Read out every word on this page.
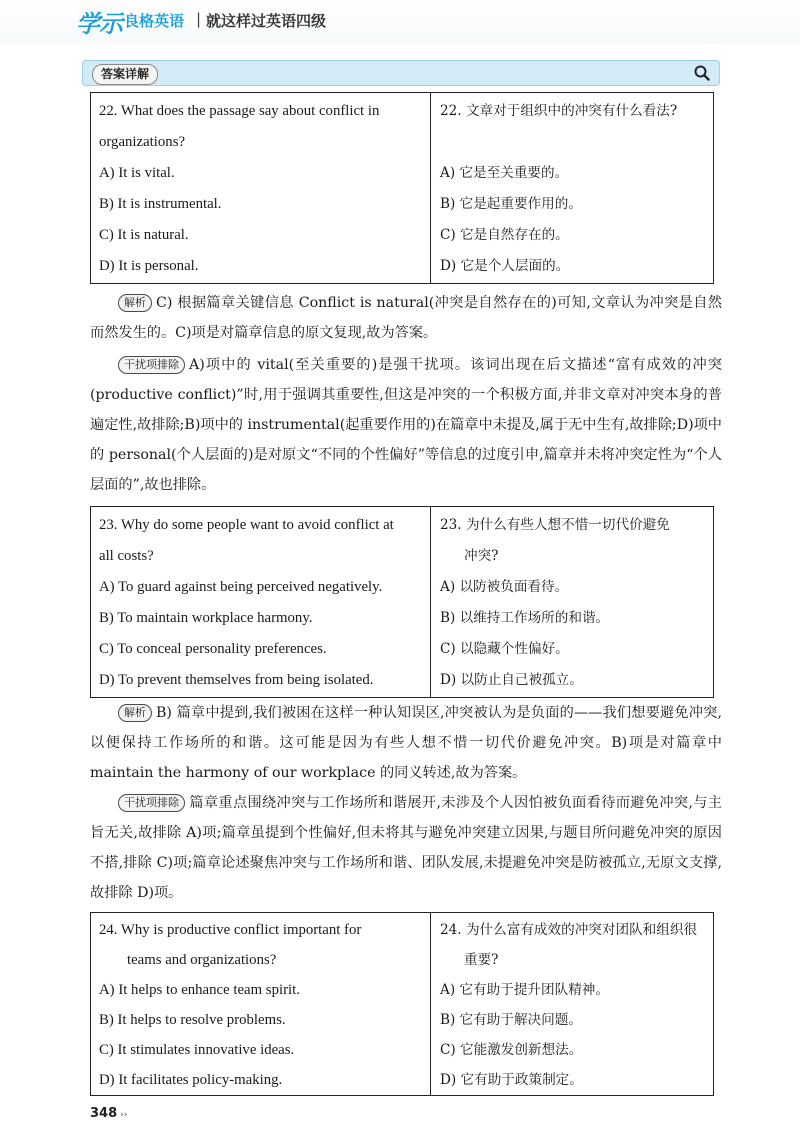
学示 良格英语 | 就这样过英语四级
答案详解
22. What does the passage say about conflict in
organizations?
A) It is vital.
B) It is instrumental.
C) It is natural.
D) It is personal.
22. 文章对于组织中的冲突有什么看法?
A) 它是至关重要的。
B) 它是起重要作用的。
C) 它是自然存在的。
D) 它是个人层面的。
解析 C) 根据篇章关键信息 Conflict is natural(冲突是自然存在的)可知,文章认为冲突是自然而然发生的。C)项是对篇章信息的原文复现,故为答案。
干扰项排除 A)项中的 vital(至关重要的)是强干扰项。该词出现在后文描述“富有成效的冲突(productive conflict)”时,用于强调其重要性,但这是冲突的一个积极方面,并非文章对冲突本身的普遍定性,故排除;B)项中的 instrumental(起重要作用的)在篇章中未提及,属于无中生有,故排除;D)项中的 personal(个人层面的)是对原文“不同的个性偏好”等信息的过度引申,篇章并未将冲突定性为“个人层面的”,故也排除。
23. Why do some people want to avoid conflict at
all costs?
A) To guard against being perceived negatively.
B) To maintain workplace harmony.
C) To conceal personality preferences.
D) To prevent themselves from being isolated.
23. 为什么有些人想不惜一切代价避免
冲突?
A) 以防被负面看待。
B) 以维持工作场所的和谐。
C) 以隐藏个性偏好。
D) 以防止自己被孤立。
解析 B) 篇章中提到,我们被困在这样一种认知误区,冲突被认为是负面的——我们想要避免冲突,以便保持工作场所的和谐。这可能是因为有些人想不惜一切代价避免冲突。B)项是对篇章中 maintain the harmony of our workplace 的同义转述,故为答案。
干扰项排除 篇章重点围绕冲突与工作场所和谐展开,未涉及个人因怕被负面看待而避免冲突,与主旨无关,故排除 A)项;篇章虽提到个性偏好,但未将其与避免冲突建立因果,与题目所问避免冲突的原因不搭,排除 C)项;篇章论述聚焦冲突与工作场所和谐、团队发展,未提避免冲突是防被孤立,无原文支撑,故排除 D)项。
24. Why is productive conflict important for
teams and organizations?
A) It helps to enhance team spirit.
B) It helps to resolve problems.
C) It stimulates innovative ideas.
D) It facilitates policy-making.
24. 为什么富有成效的冲突对团队和组织很
重要?
A) 它有助于提升团队精神。
B) 它有助于解决问题。
C) 它能激发创新想法。
D) 它有助于政策制定。
348 ››
